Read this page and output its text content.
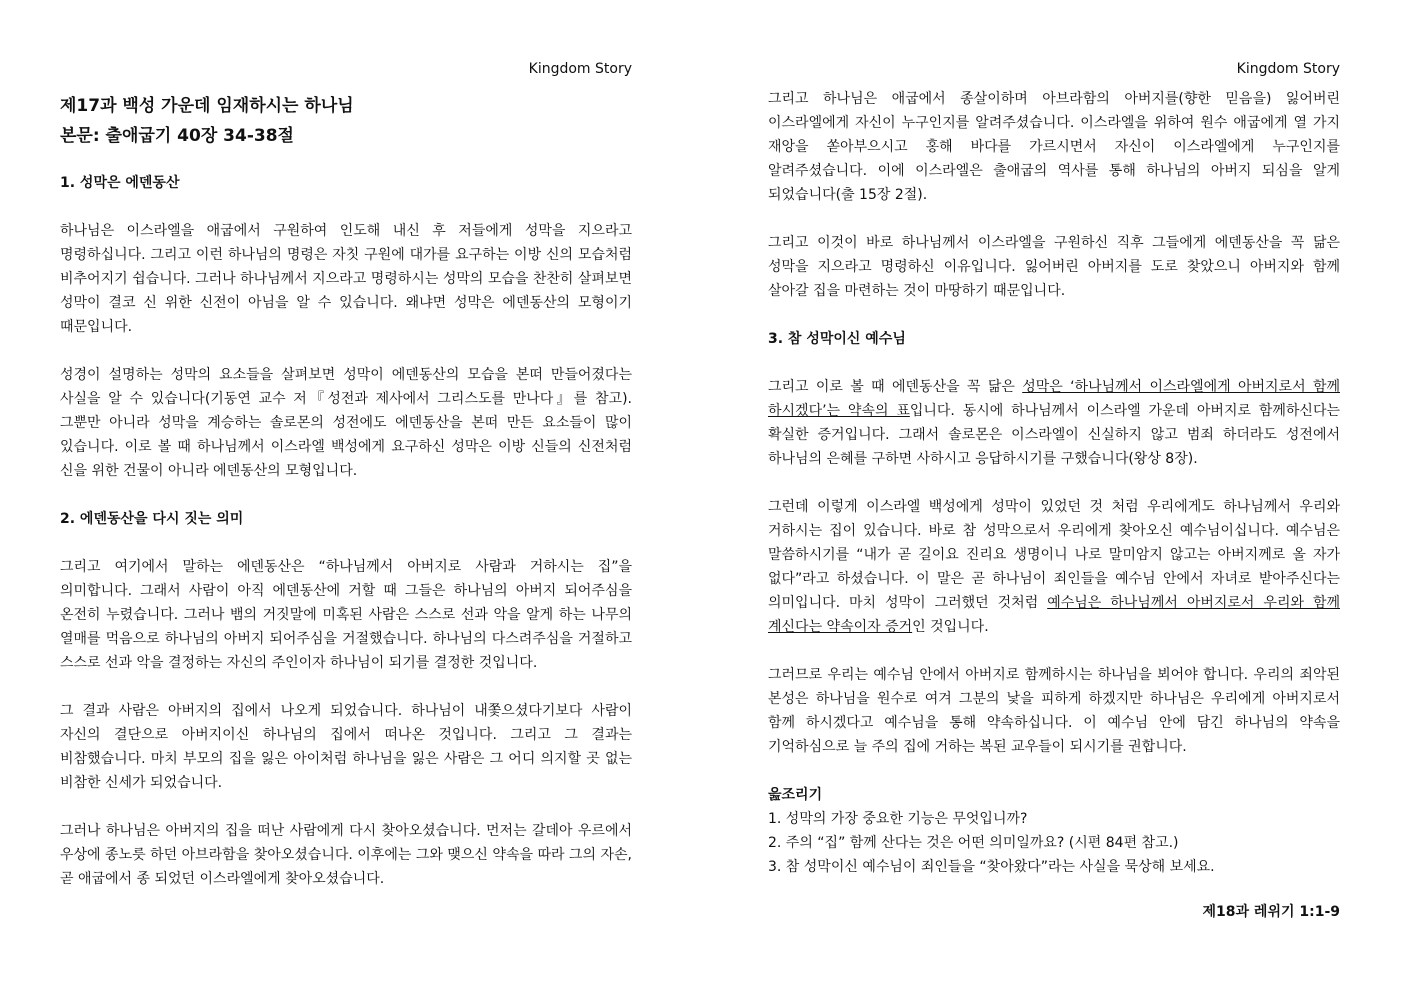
Kingdom Story
제17과 백성 가운데 임재하시는 하나님
본문: 출애굽기 40장 34-38절
1. 성막은 에덴동산

하나님은 이스라엘을 애굽에서 구원하여 인도해 내신 후 저들에게 성막을 지으라고 명령하십니다. 그리고 이런 하나님의 명령은 자칫 구원에 대가를 요구하는 이방 신의 모습처럼 비추어지기 쉽습니다. 그러나 하나님께서 지으라고 명령하시는 성막의 모습을 찬찬히 살펴보면 성막이 결코 신 위한 신전이 아님을 알 수 있습니다. 왜냐면 성막은 에덴동산의 모형이기 때문입니다.

성경이 설명하는 성막의 요소들을 살펴보면 성막이 에덴동산의 모습을 본떠 만들어졌다는 사실을 알 수 있습니다(기동연 교수 저『성전과 제사에서 그리스도를 만나다』를 참고). 그뿐만 아니라 성막을 계승하는 솔로몬의 성전에도 에덴동산을 본떠 만든 요소들이 많이 있습니다. 이로 볼 때 하나님께서 이스라엘 백성에게 요구하신 성막은 이방 신들의 신전처럼 신을 위한 건물이 아니라 에덴동산의 모형입니다.

2. 에덴동산을 다시 짓는 의미

그리고 여기에서 말하는 에덴동산은 “하나님께서 아버지로 사람과 거하시는 집”을 의미합니다. 그래서 사람이 아직 에덴동산에 거할 때 그들은 하나님의 아버지 되어주심을 온전히 누렸습니다. 그러나 뱀의 거짓말에 미혹된 사람은 스스로 선과 악을 알게 하는 나무의 열매를 먹음으로 하나님의 아버지 되어주심을 거절했습니다. 하나님의 다스려주심을 거절하고 스스로 선과 악을 결정하는 자신의 주인이자 하나님이 되기를 결정한 것입니다.

그 결과 사람은 아버지의 집에서 나오게 되었습니다. 하나님이 내쫓으셨다기보다 사람이 자신의 결단으로 아버지이신 하나님의 집에서 떠나온 것입니다. 그리고 그 결과는 비참했습니다. 마치 부모의 집을 잃은 아이처럼 하나님을 잃은 사람은 그 어디 의지할 곳 없는 비참한 신세가 되었습니다.

그러나 하나님은 아버지의 집을 떠난 사람에게 다시 찾아오셨습니다. 먼저는 갈데아 우르에서 우상에 종노릇 하던 아브라함을 찾아오셨습니다. 이후에는 그와 맺으신 약속을 따라 그의 자손, 곧 애굽에서 종 되었던 이스라엘에게 찾아오셨습니다.

Kingdom Story

그리고 하나님은 애굽에서 종살이하며 아브라함의 아버지를(향한 믿음을) 잃어버린 이스라엘에게 자신이 누구인지를 알려주셨습니다. 이스라엘을 위하여 원수 애굽에게 열 가지 재앙을 쏟아부으시고 홍해 바다를 가르시면서 자신이 이스라엘에게 누구인지를 알려주셨습니다. 이에 이스라엘은 출애굽의 역사를 통해 하나님의 아버지 되심을 알게 되었습니다(출 15장 2절).

그리고 이것이 바로 하나님께서 이스라엘을 구원하신 직후 그들에게 에덴동산을 꼭 닮은 성막을 지으라고 명령하신 이유입니다. 잃어버린 아버지를 도로 찾았으니 아버지와 함께 살아갈 집을 마련하는 것이 마땅하기 때문입니다.

3. 참 성막이신 예수님

그리고 이로 볼 때 에덴동산을 꼭 닮은 성막은 ‘하나님께서 이스라엘에게 아버지로서 함께 하시겠다’는 약속의 표입니다. 동시에 하나님께서 이스라엘 가운데 아버지로 함께하신다는 확실한 증거입니다. 그래서 솔로몬은 이스라엘이 신실하지 않고 범죄 하더라도 성전에서 하나님의 은혜를 구하면 사하시고 응답하시기를 구했습니다(왕상 8장).

그런데 이렇게 이스라엘 백성에게 성막이 있었던 것 처럼 우리에게도 하나님께서 우리와 거하시는 집이 있습니다. 바로 참 성막으로서 우리에게 찾아오신 예수님이십니다. 예수님은 말씀하시기를 “내가 곧 길이요 진리요 생명이니 나로 말미암지 않고는 아버지께로 올 자가 없다”라고 하셨습니다. 이 말은 곧 하나님이 죄인들을 예수님 안에서 자녀로 받아주신다는 의미입니다. 마치 성막이 그러했던 것처럼 예수님은 하나님께서 아버지로서 우리와 함께 계신다는 약속이자 증거인 것입니다.

그러므로 우리는 예수님 안에서 아버지로 함께하시는 하나님을 뵈어야 합니다. 우리의 죄악된 본성은 하나님을 원수로 여겨 그분의 낯을 피하게 하겠지만 하나님은 우리에게 아버지로서 함께 하시겠다고 예수님을 통해 약속하십니다. 이 예수님 안에 담긴 하나님의 약속을 기억하심으로 늘 주의 집에 거하는 복된 교우들이 되시기를 권합니다.

읊조리기
1. 성막의 가장 중요한 기능은 무엇입니까?
2. 주의 “집” 함께 산다는 것은 어떤 의미일까요? (시편 84편 참고.)
3. 참 성막이신 예수님이 죄인들을 “찾아왔다”라는 사실을 묵상해 보세요.
제18과 레위기 1:1-9
